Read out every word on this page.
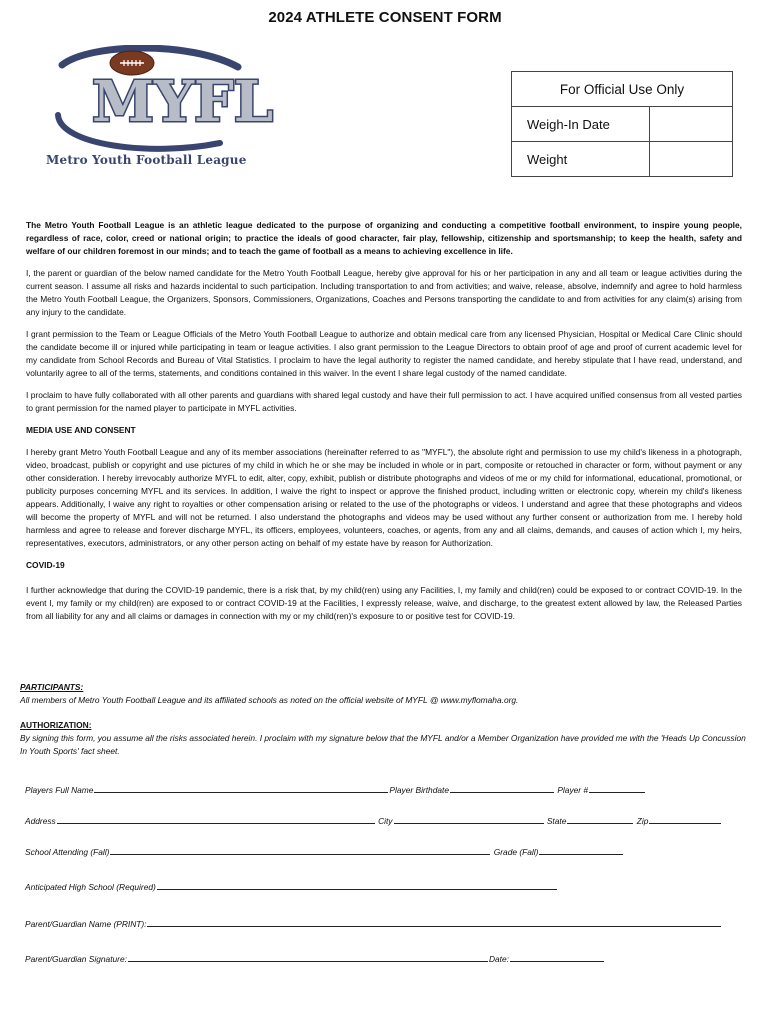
2024 ATHLETE CONSENT FORM
MYFL
Metro Youth Football League
For Official Use Only	
Weigh-In Date	
Weight	

The Metro Youth Football League is an athletic league dedicated to the purpose of organizing and conducting a competitive football environment, to inspire young people, regardless of race, color, creed or national origin; to practice the ideals of good character, fair play, fellowship, citizenship and sportsmanship; to keep the health, safety and welfare of our children foremost in our minds; and to teach the game of football as a means to achieving excellence in life.

I, the parent or guardian of the below named candidate for the Metro Youth Football League, hereby give approval for his or her participation in any and all team or league activities during the current season. I assume all risks and hazards incidental to such participation. Including transportation to and from activities; and waive, release, absolve, indemnify and agree to hold harmless the Metro Youth Football League, the Organizers, Sponsors, Commissioners, Organizations, Coaches and Persons transporting the candidate to and from activities for any claim(s) arising from any injury to the candidate.

I grant permission to the Team or League Officials of the Metro Youth Football League to authorize and obtain medical care from any licensed Physician, Hospital or Medical Care Clinic should the candidate become ill or injured while participating in team or league activities. I also grant permission to the League Directors to obtain proof of age and proof of current academic level for my candidate from School Records and Bureau of Vital Statistics. I proclaim to have the legal authority to register the named candidate, and hereby stipulate that I have read, understand, and voluntarily agree to all of the terms, statements, and conditions contained in this waiver. In the event I share legal custody of the named candidate.

I proclaim to have fully collaborated with all other parents and guardians with shared legal custody and have their full permission to act. I have acquired unified consensus from all vested parties to grant permission for the named player to participate in MYFL activities.

MEDIA USE AND CONSENT

I hereby grant Metro Youth Football League and any of its member associations (hereinafter referred to as "MYFL"), the absolute right and permission to use my child's likeness in a photograph, video, broadcast, publish or copyright and use pictures of my child in which he or she may be included in whole or in part, composite or retouched in character or form, without payment or any other consideration. I hereby irrevocably authorize MYFL to edit, alter, copy, exhibit, publish or distribute photographs and videos of me or my child for informational, educational, promotional, or publicity purposes concerning MYFL and its services. In addition, I waive the right to inspect or approve the finished product, including written or electronic copy, wherein my child's likeness appears. Additionally, I waive any right to royalties or other compensation arising or related to the use of the photographs or videos. I understand and agree that these photographs and videos will become the property of MYFL and will not be returned. I also understand the photographs and videos may be used without any further consent or authorization from me. I hereby hold harmless and agree to release and forever discharge MYFL, its officers, employees, volunteers, coaches, or agents, from any and all claims, demands, and causes of action which I, my heirs, representatives, executors, administrators, or any other person acting on behalf of my estate have by reason for Authorization.

COVID-19

I further acknowledge that during the COVID-19 pandemic, there is a risk that, by my child(ren) using any Facilities, I, my family and child(ren) could be exposed to or contract COVID-19. In the event I, my family or my child(ren) are exposed to or contract COVID-19 at the Facilities, I expressly release, waive, and discharge, to the greatest extent allowed by law, the Released Parties from all liability for any and all claims or damages in connection with my or my child(ren)'s exposure to or positive test for COVID-19.

PARTICIPANTS:
All members of Metro Youth Football League and its affiliated schools as noted on the official website of MYFL @ www.myflomaha.org.
AUTHORIZATION:
By signing this form, you assume all the risks associated herein. I proclaim with my signature below that the MYFL and/or a Member Organization have provided me with the 'Heads Up Concussion In Youth Sports' fact sheet.
Players Full Name	Player Birthdate	Player #
Address	City	State	Zip
School Attending (Fall)	Grade (Fall)
Anticipated High School (Required)
Parent/Guardian Name (PRINT):
Parent/Guardian Signature:	Date:
